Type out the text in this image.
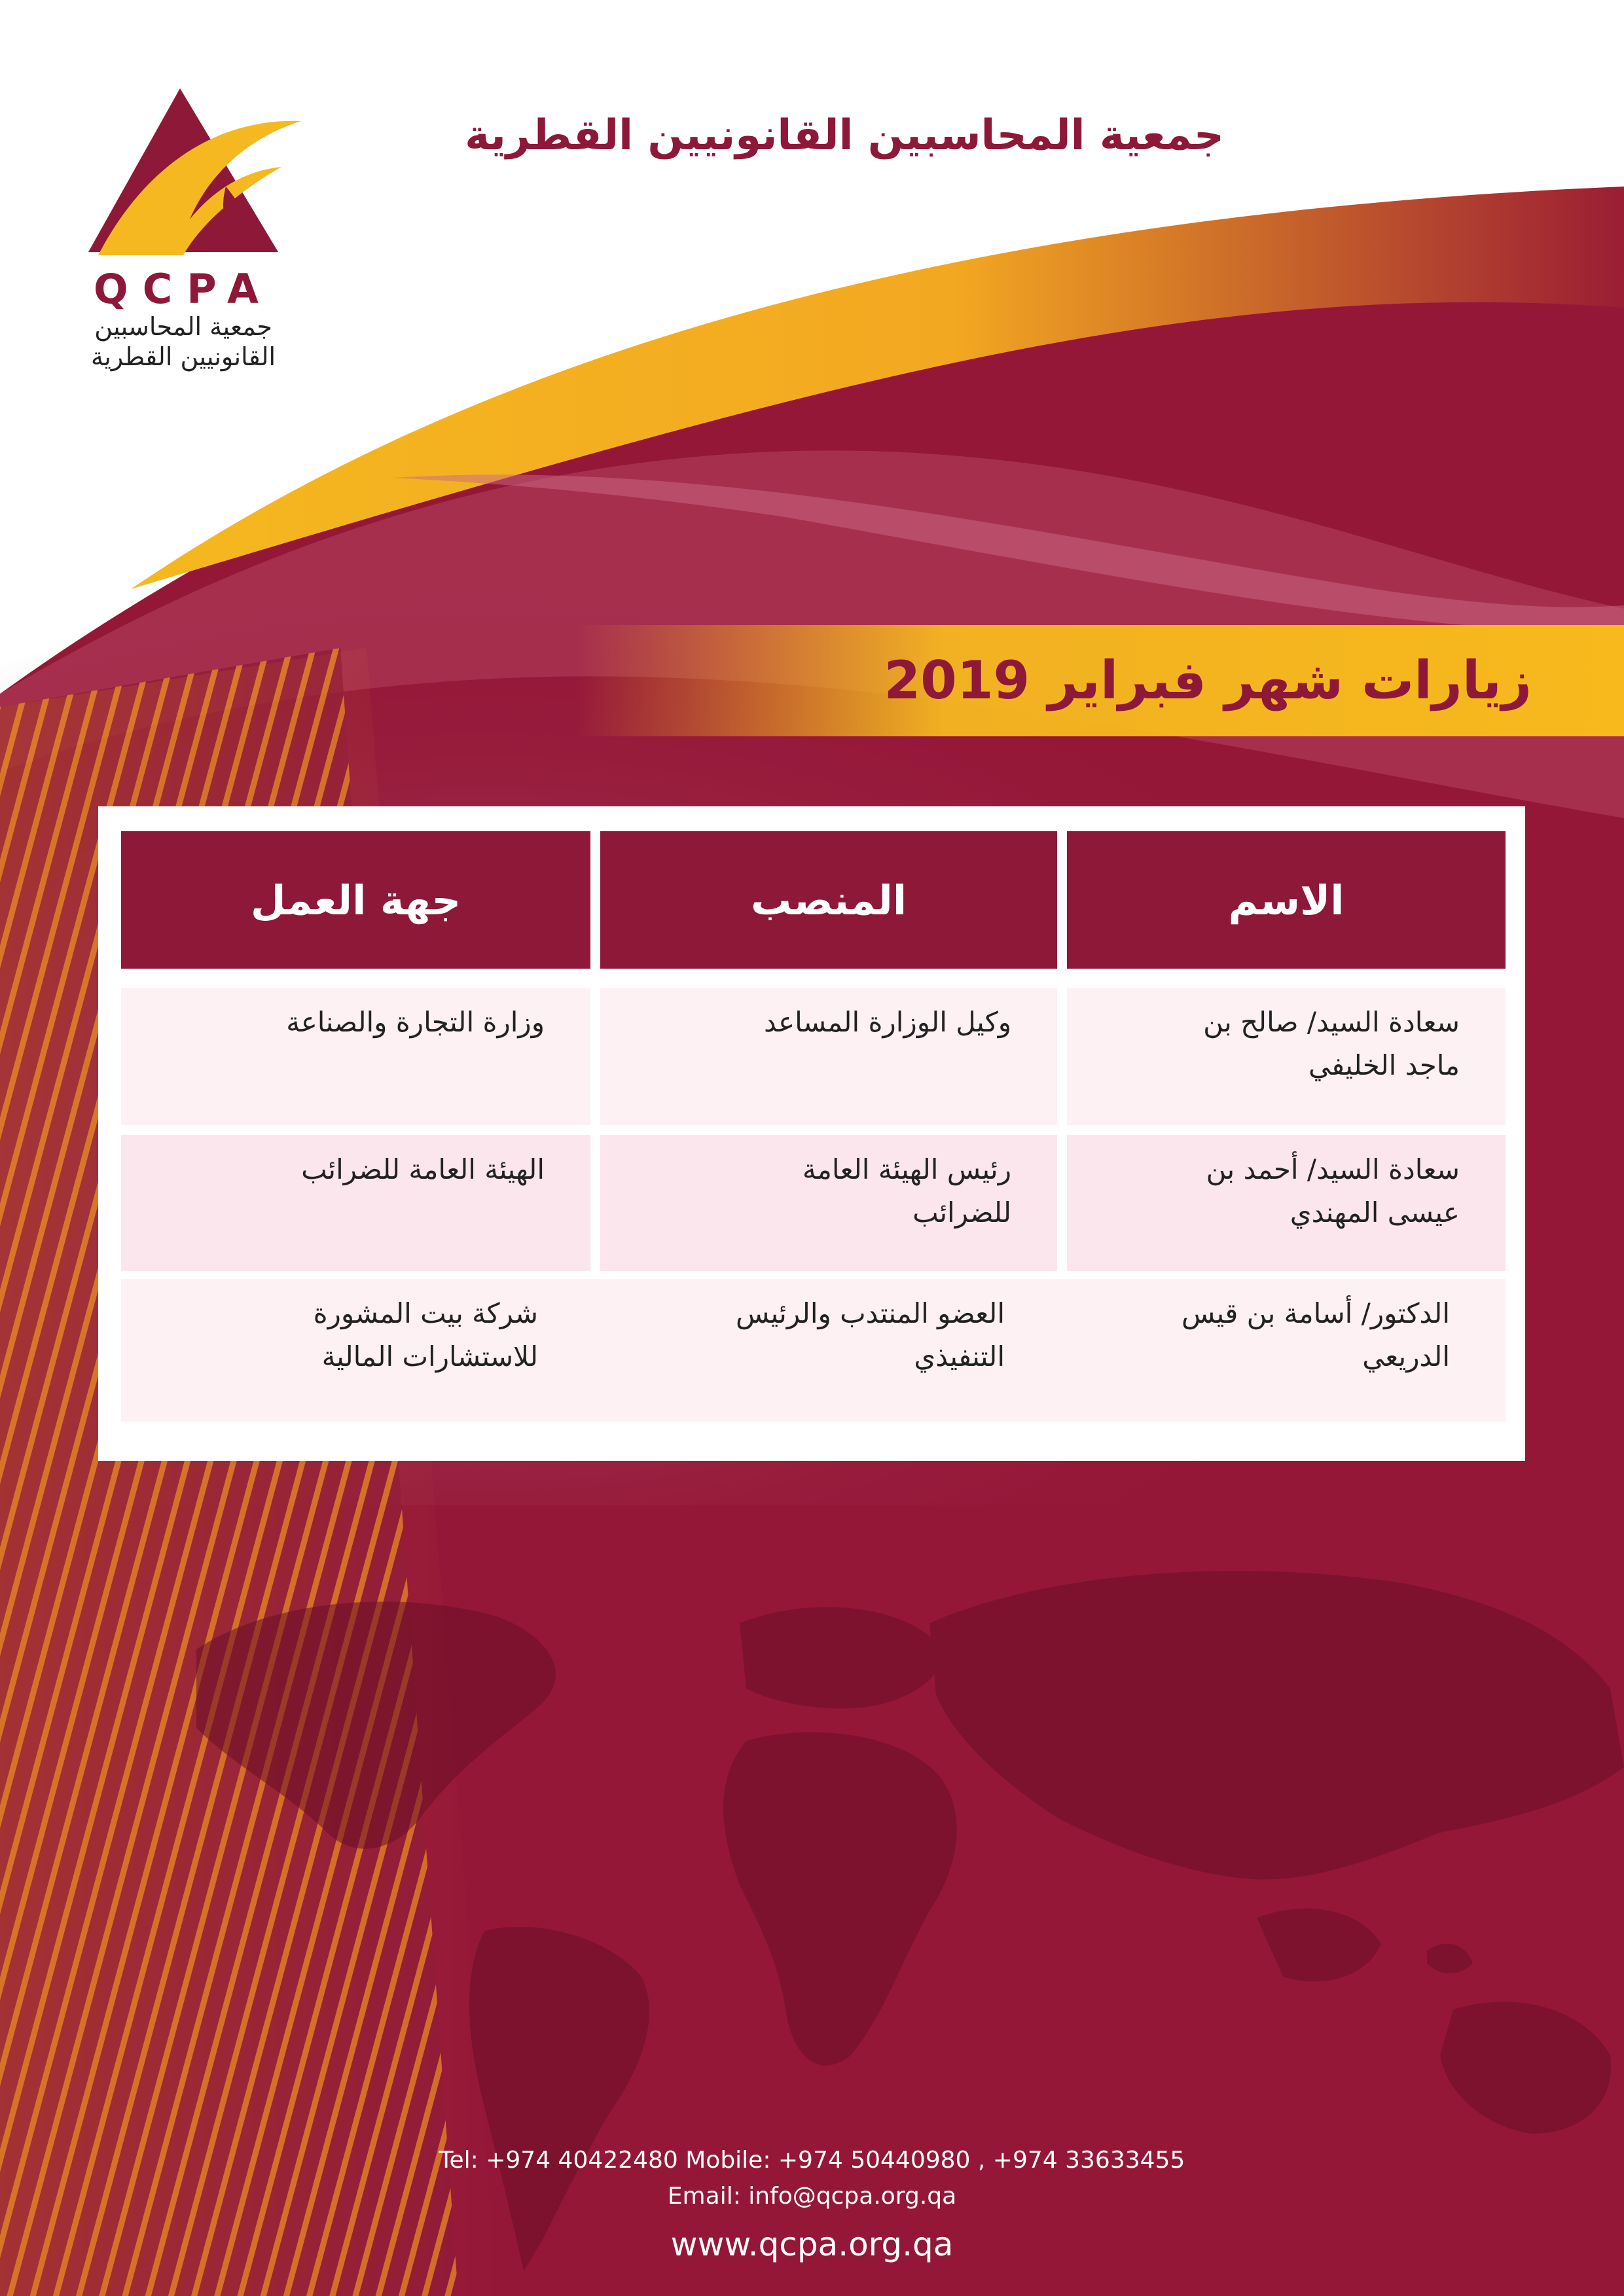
QCPA
جمعية المحاسبين
القانونيين القطرية
جمعية المحاسبين القانونيين القطرية
زيارات شهر فبراير 2019
الاسم
المنصب
جهة العمل
سعادة السيد/ صالح بن
ماجد الخليفي
وكيل الوزارة المساعد
وزارة التجارة والصناعة
سعادة السيد/ أحمد بن
عيسى المهندي
رئيس الهيئة العامة
للضرائب
الهيئة العامة للضرائب
الدكتور/ أسامة بن قيس
الدريعي
العضو المنتدب والرئيس
التنفيذي
شركة بيت المشورة
للاستشارات المالية
Tel: +974 40422480 Mobile: +974 50440980 , +974 33633455
Email: info@qcpa.org.qa
www.qcpa.org.qa
